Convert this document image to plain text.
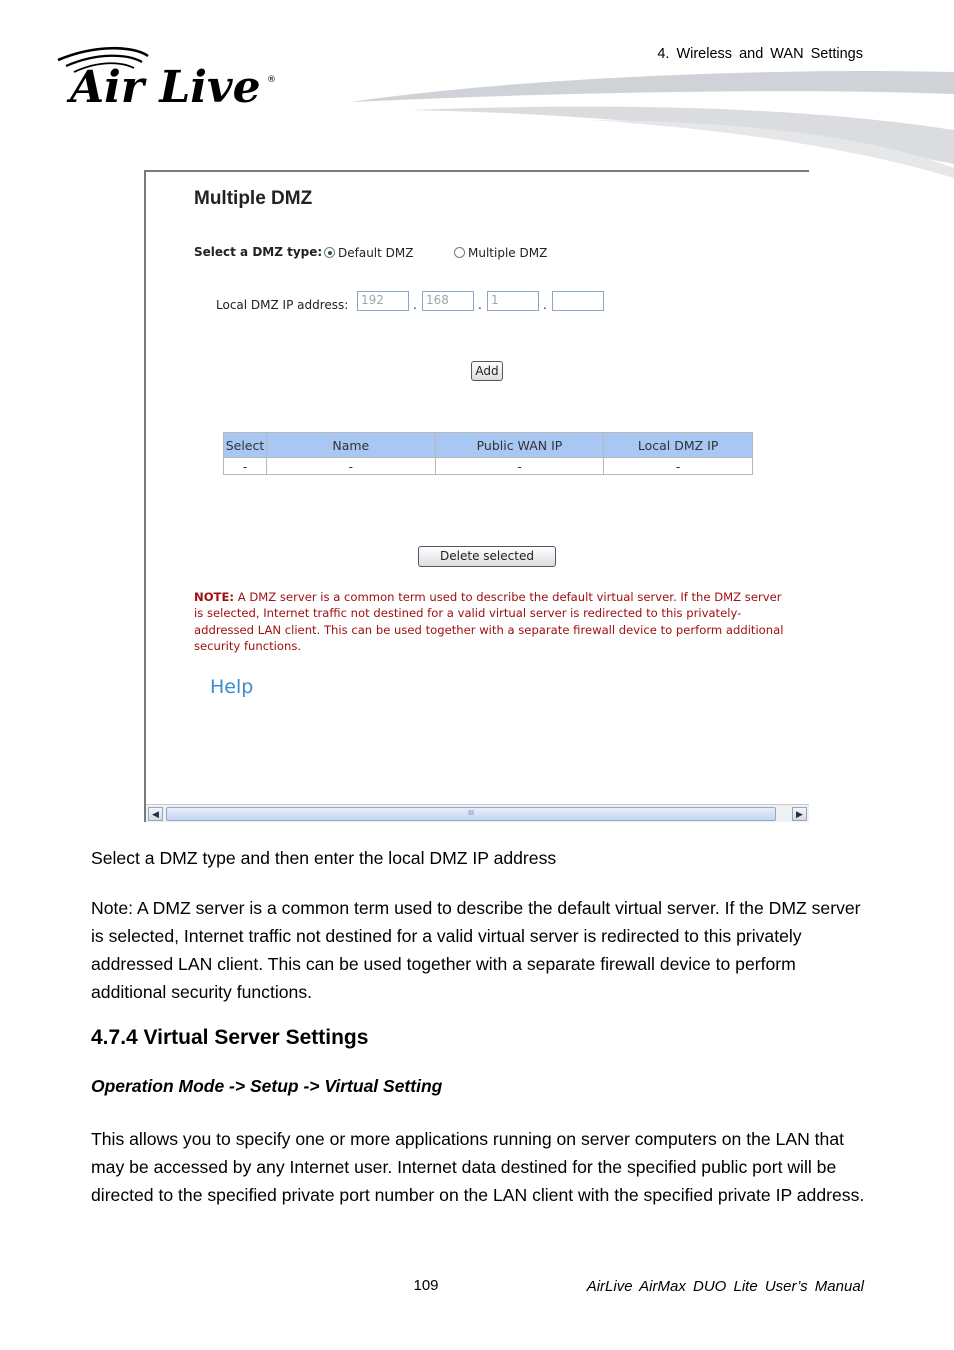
4. Wireless and WAN Settings
Air Live ®
Multiple DMZ
Select a DMZ type:	Default DMZ	Multiple DMZ
Local DMZ IP address:	192	. 168	. 1	.
Add
Select	Name	Public WAN IP	Local DMZ IP
-	-	-	-
Delete selected
NOTE: A DMZ server is a common term used to describe the default virtual server. If the DMZ server is selected, Internet traffic not destined for a valid virtual server is redirected to this privately-addressed LAN client. This can be used together with a separate firewall device to perform additional security functions.
Help
◀	III	▶
Select a DMZ type and then enter the local DMZ IP address
Note: A DMZ server is a common term used to describe the default virtual server. If the DMZ server is selected, Internet traffic not destined for a valid virtual server is redirected to this privately addressed LAN client. This can be used together with a separate firewall device to perform additional security functions.
4.7.4 Virtual Server Settings
Operation Mode -> Setup -> Virtual Setting
This allows you to specify one or more applications running on server computers on the LAN that may be accessed by any Internet user. Internet data destined for the specified public port will be directed to the specified private port number on the LAN client with the specified private IP address.
109	AirLive AirMax DUO Lite User’s Manual
